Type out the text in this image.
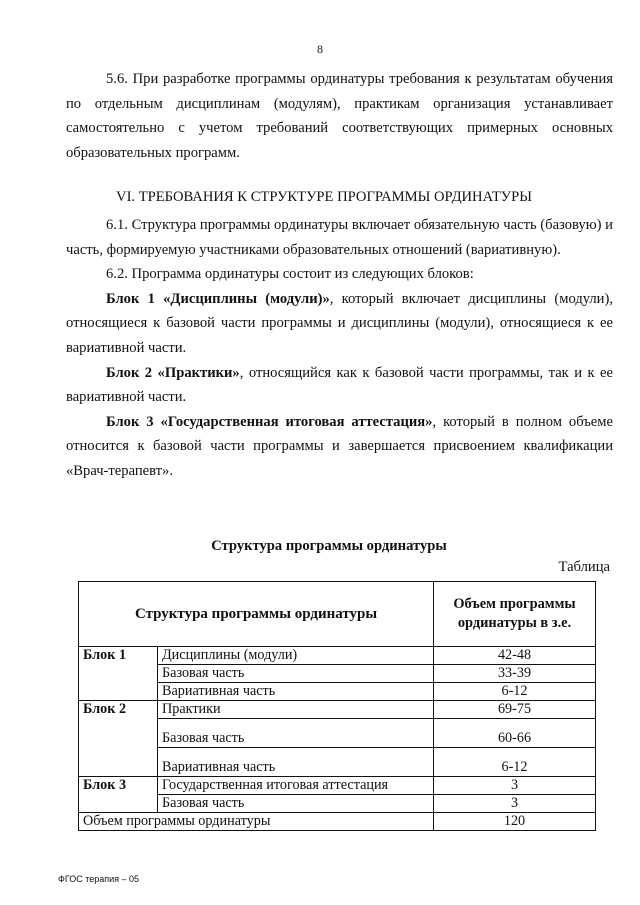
8

5.6. При разработке программы ординатуры требования к результатам обучения по отдельным дисциплинам (модулям), практикам организация устанавливает самостоятельно с учетом требований соответствующих примерных основных образовательных программ.

VI. ТРЕБОВАНИЯ К СТРУКТУРЕ ПРОГРАММЫ ОРДИНАТУРЫ

6.1. Структура программы ординатуры включает обязательную часть (базовую) и часть, формируемую участниками образовательных отношений (вариативную).

6.2. Программа ординатуры состоит из следующих блоков:

Блок 1 «Дисциплины (модули)», который включает дисциплины (модули), относящиеся к базовой части программы и дисциплины (модули), относящиеся к ее вариативной части.

Блок 2 «Практики», относящийся как к базовой части программы, так и к ее вариативной части.

Блок 3 «Государственная итоговая аттестация», который в полном объеме относится к базовой части программы и завершается присвоением квалификации «Врач-терапевт».

Структура программы ординатуры
Таблица
Структура программы ординатуры		Объем программы ординатуры в з.е.
Блок 1	Дисциплины (модули)	42-48
	Базовая часть	33-39
	Вариативная часть	6-12
Блок 2	Практики	69-75
	Базовая часть	60-66
	Вариативная часть	6-12
Блок 3	Государственная итоговая аттестация	3
	Базовая часть	3
Объем программы ординатуры		120
ФГОС терапия – 05
